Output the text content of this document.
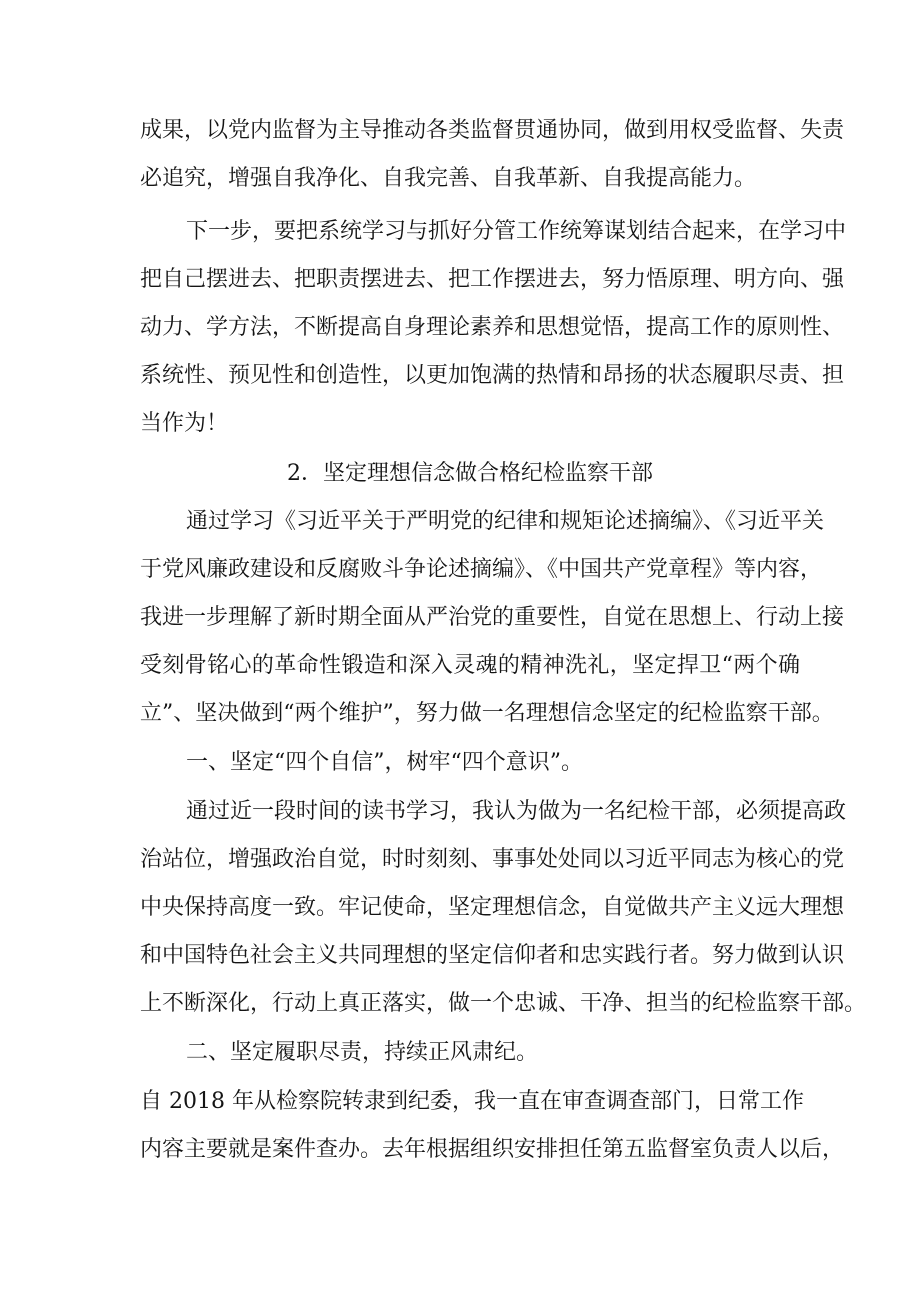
成果，以党内监督为主导推动各类监督贯通协同，做到用权受监督、失责
必追究，增强自我净化、自我完善、自我革新、自我提高能力。
下一步，要把系统学习与抓好分管工作统筹谋划结合起来，在学习中
把自己摆进去、把职责摆进去、把工作摆进去，努力悟原理、明方向、强
动力、学方法，不断提高自身理论素养和思想觉悟，提高工作的原则性、
系统性、预见性和创造性，以更加饱满的热情和昂扬的状态履职尽责、担
当作为！
2．坚定理想信念做合格纪检监察干部
通过学习《习近平关于严明党的纪律和规矩论述摘编》、《习近平关
于党风廉政建设和反腐败斗争论述摘编》、《中国共产党章程》等内容，
我进一步理解了新时期全面从严治党的重要性，自觉在思想上、行动上接
受刻骨铭心的革命性锻造和深入灵魂的精神洗礼，坚定捍卫“两个确
立”、坚决做到“两个维护”，努力做一名理想信念坚定的纪检监察干部。
一、坚定“四个自信”，树牢“四个意识”。
通过近一段时间的读书学习，我认为做为一名纪检干部，必须提高政
治站位，增强政治自觉，时时刻刻、事事处处同以习近平同志为核心的党
中央保持高度一致。牢记使命，坚定理想信念，自觉做共产主义远大理想
和中国特色社会主义共同理想的坚定信仰者和忠实践行者。努力做到认识
上不断深化，行动上真正落实，做一个忠诚、干净、担当的纪检监察干部。
二、坚定履职尽责，持续正风肃纪。
自 2018 年从检察院转隶到纪委，我一直在审查调查部门，日常工作
内容主要就是案件查办。去年根据组织安排担任第五监督室负责人以后，
